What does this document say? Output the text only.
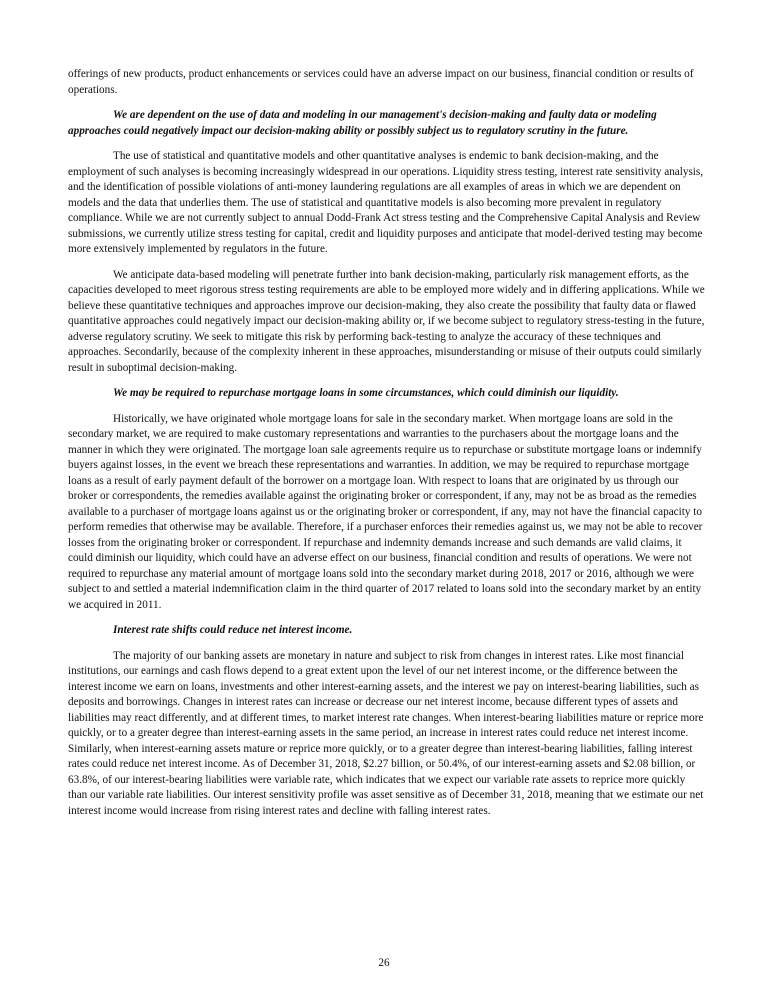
offerings of new products, product enhancements or services could have an adverse impact on our business, financial condition or results of operations.

We are dependent on the use of data and modeling in our management's decision-making and faulty data or modeling approaches could negatively impact our decision-making ability or possibly subject us to regulatory scrutiny in the future.

The use of statistical and quantitative models and other quantitative analyses is endemic to bank decision-making, and the employment of such analyses is becoming increasingly widespread in our operations. Liquidity stress testing, interest rate sensitivity analysis, and the identification of possible violations of anti-money laundering regulations are all examples of areas in which we are dependent on models and the data that underlies them. The use of statistical and quantitative models is also becoming more prevalent in regulatory compliance. While we are not currently subject to annual Dodd-Frank Act stress testing and the Comprehensive Capital Analysis and Review submissions, we currently utilize stress testing for capital, credit and liquidity purposes and anticipate that model-derived testing may become more extensively implemented by regulators in the future.

We anticipate data-based modeling will penetrate further into bank decision-making, particularly risk management efforts, as the capacities developed to meet rigorous stress testing requirements are able to be employed more widely and in differing applications. While we believe these quantitative techniques and approaches improve our decision-making, they also create the possibility that faulty data or flawed quantitative approaches could negatively impact our decision-making ability or, if we become subject to regulatory stress-testing in the future, adverse regulatory scrutiny. We seek to mitigate this risk by performing back-testing to analyze the accuracy of these techniques and approaches. Secondarily, because of the complexity inherent in these approaches, misunderstanding or misuse of their outputs could similarly result in suboptimal decision-making.

We may be required to repurchase mortgage loans in some circumstances, which could diminish our liquidity.

Historically, we have originated whole mortgage loans for sale in the secondary market. When mortgage loans are sold in the secondary market, we are required to make customary representations and warranties to the purchasers about the mortgage loans and the manner in which they were originated. The mortgage loan sale agreements require us to repurchase or substitute mortgage loans or indemnify buyers against losses, in the event we breach these representations and warranties. In addition, we may be required to repurchase mortgage loans as a result of early payment default of the borrower on a mortgage loan. With respect to loans that are originated by us through our broker or correspondents, the remedies available against the originating broker or correspondent, if any, may not be as broad as the remedies available to a purchaser of mortgage loans against us or the originating broker or correspondent, if any, may not have the financial capacity to perform remedies that otherwise may be available. Therefore, if a purchaser enforces their remedies against us, we may not be able to recover losses from the originating broker or correspondent. If repurchase and indemnity demands increase and such demands are valid claims, it could diminish our liquidity, which could have an adverse effect on our business, financial condition and results of operations. We were not required to repurchase any material amount of mortgage loans sold into the secondary market during 2018, 2017 or 2016, although we were subject to and settled a material indemnification claim in the third quarter of 2017 related to loans sold into the secondary market by an entity we acquired in 2011.

Interest rate shifts could reduce net interest income.

The majority of our banking assets are monetary in nature and subject to risk from changes in interest rates. Like most financial institutions, our earnings and cash flows depend to a great extent upon the level of our net interest income, or the difference between the interest income we earn on loans, investments and other interest-earning assets, and the interest we pay on interest-bearing liabilities, such as deposits and borrowings. Changes in interest rates can increase or decrease our net interest income, because different types of assets and liabilities may react differently, and at different times, to market interest rate changes. When interest-bearing liabilities mature or reprice more quickly, or to a greater degree than interest-earning assets in the same period, an increase in interest rates could reduce net interest income. Similarly, when interest-earning assets mature or reprice more quickly, or to a greater degree than interest-bearing liabilities, falling interest rates could reduce net interest income. As of December 31, 2018, $2.27 billion, or 50.4%, of our interest-earning assets and $2.08 billion, or 63.8%, of our interest-bearing liabilities were variable rate, which indicates that we expect our variable rate assets to reprice more quickly than our variable rate liabilities. Our interest sensitivity profile was asset sensitive as of December 31, 2018, meaning that we estimate our net interest income would increase from rising interest rates and decline with falling interest rates.

26
